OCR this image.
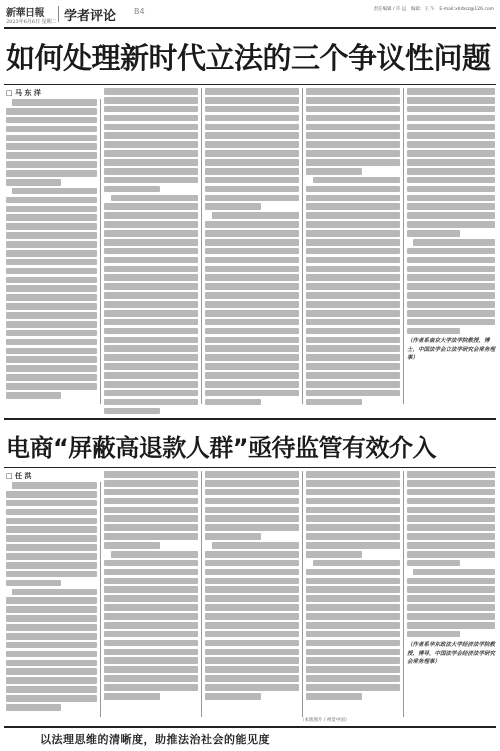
新華日報
2023年6月6日 星期二 学者评论 B4	责任编辑 / 许 远　编辑：王 午　E-mail:xhrbsz@126.com
如何处理新时代立法的三个争议性问题
□ 马 东 洋
（作者系南京大学法学院教授、博士，中国法学会立法学研究会常务理事）
电商“屏蔽高退款人群”亟待监管有效介入
□ 任 洪
（作者系华东政法大学经济法学院教授、博导，中国法学会经济法学研究会常务理事）
以法理思维的清晰度，助推法治社会的能见度
（本版图片 / 视觉中国）
